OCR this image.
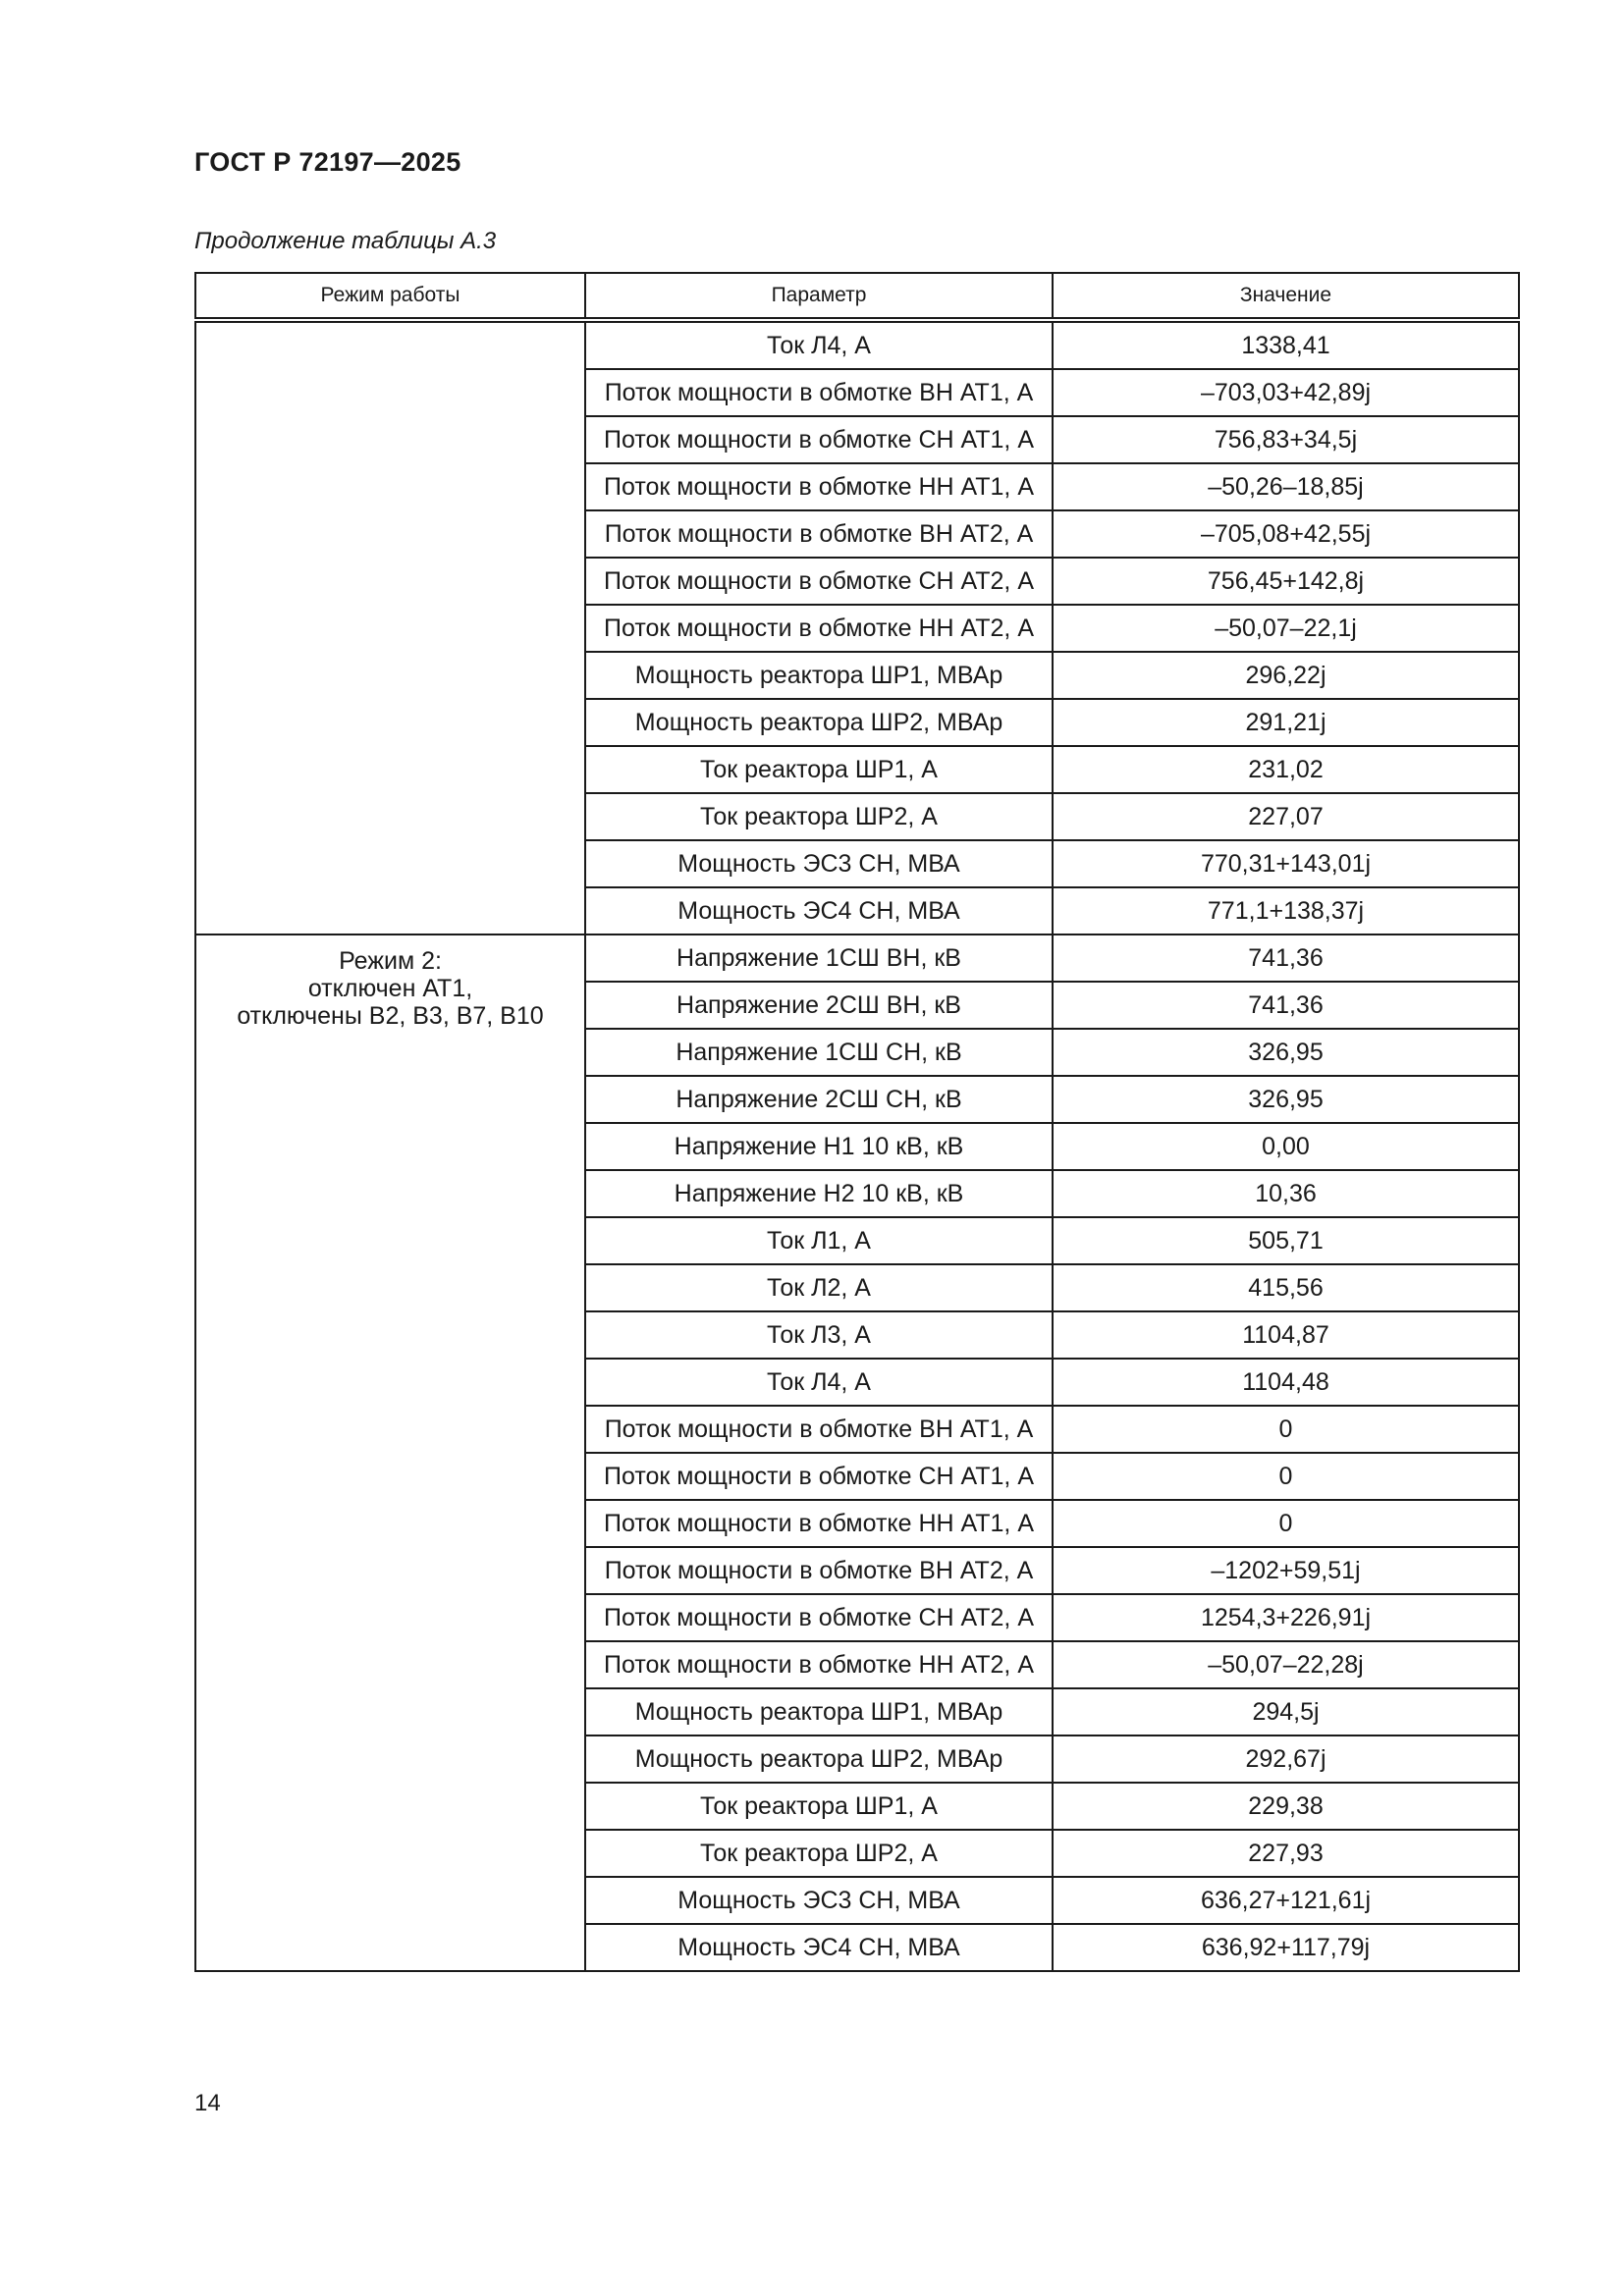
ГОСТ Р 72197—2025
Продолжение таблицы А.3
Режим работы	Параметр	Значение
	Ток Л4, А	1338,41
	Поток мощности в обмотке ВН АТ1, А	–703,03+42,89j
	Поток мощности в обмотке СН АТ1, А	756,83+34,5j
	Поток мощности в обмотке НН АТ1, А	–50,26–18,85j
	Поток мощности в обмотке ВН АТ2, А	–705,08+42,55j
	Поток мощности в обмотке СН АТ2, А	756,45+142,8j
	Поток мощности в обмотке НН АТ2, А	–50,07–22,1j
	Мощность реактора ШР1, МВАр	296,22j
	Мощность реактора ШР2, МВАр	291,21j
	Ток реактора ШР1, А	231,02
	Ток реактора ШР2, А	227,07
	Мощность ЭС3 СН, МВА	770,31+143,01j
	Мощность ЭС4 СН, МВА	771,1+138,37j

Режим 2:
отключен АТ1,
отключены В2, В3, В7, В10	Напряжение 1СШ ВН, кВ	741,36
	Напряжение 2СШ ВН, кВ	741,36
	Напряжение 1СШ СН, кВ	326,95
	Напряжение 2СШ СН, кВ	326,95
	Напряжение Н1 10 кВ, кВ	0,00
	Напряжение Н2 10 кВ, кВ	10,36
	Ток Л1, А	505,71
	Ток Л2, А	415,56
	Ток Л3, А	1104,87
	Ток Л4, А	1104,48
	Поток мощности в обмотке ВН АТ1, А	0
	Поток мощности в обмотке СН АТ1, А	0
	Поток мощности в обмотке НН АТ1, А	0
	Поток мощности в обмотке ВН АТ2, А	–1202+59,51j
	Поток мощности в обмотке СН АТ2, А	1254,3+226,91j
	Поток мощности в обмотке НН АТ2, А	–50,07–22,28j
	Мощность реактора ШР1, МВАр	294,5j
	Мощность реактора ШР2, МВАр	292,67j
	Ток реактора ШР1, А	229,38
	Ток реактора ШР2, А	227,93
	Мощность ЭС3 СН, МВА	636,27+121,61j
	Мощность ЭС4 СН, МВА	636,92+117,79j
14
